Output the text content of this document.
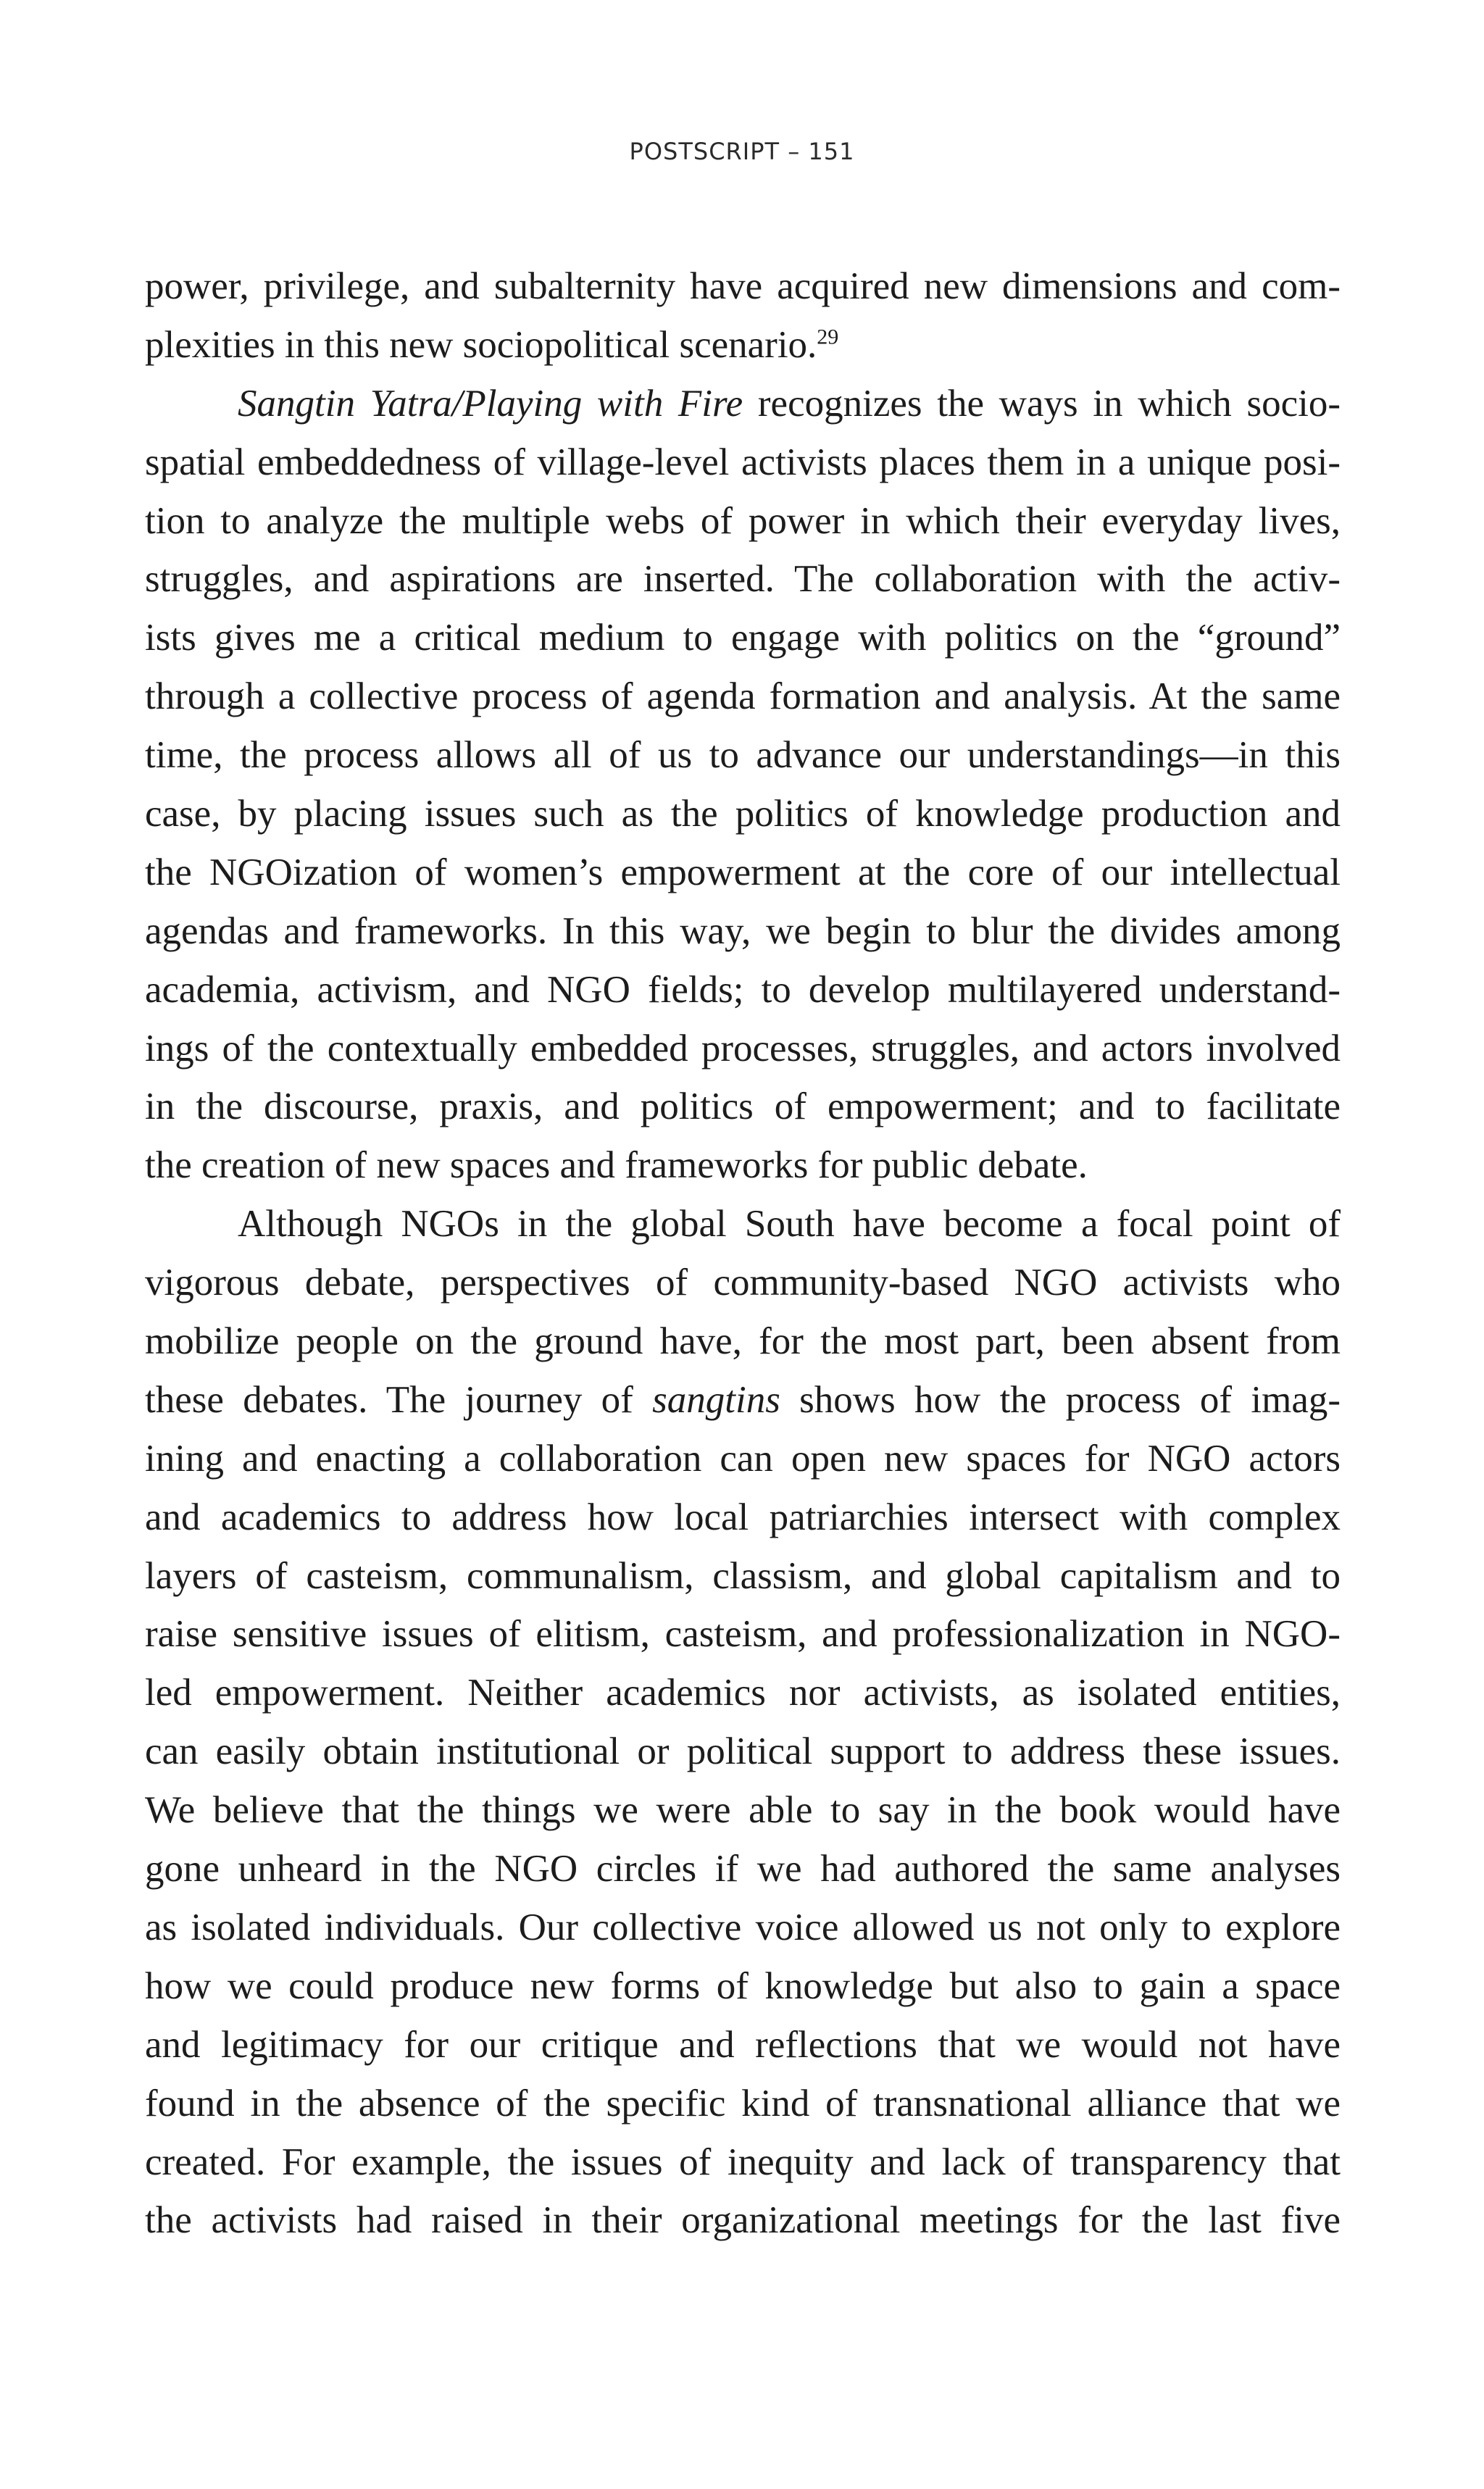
POSTSCRIPT – 151
power, privilege, and subalternity have acquired new dimensions and com-
plexities in this new sociopolitical scenario.$^{29}$
Sangtin Yatra/Playing with Fire recognizes the ways in which socio-
spatial embeddedness of village-level activists places them in a unique posi-
tion to analyze the multiple webs of power in which their everyday lives,
struggles, and aspirations are inserted. The collaboration with the activ-
ists gives me a critical medium to engage with politics on the “ground”
through a collective process of agenda formation and analysis. At the same
time, the process allows all of us to advance our understandings—in this
case, by placing issues such as the politics of knowledge production and
the NGOization of women’s empowerment at the core of our intellectual
agendas and frameworks. In this way, we begin to blur the divides among
academia, activism, and NGO fields; to develop multilayered understand-
ings of the contextually embedded processes, struggles, and actors involved
in the discourse, praxis, and politics of empowerment; and to facilitate
the creation of new spaces and frameworks for public debate.
Although NGOs in the global South have become a focal point of
vigorous debate, perspectives of community-based NGO activists who
mobilize people on the ground have, for the most part, been absent from
these debates. The journey of sangtins shows how the process of imag-
ining and enacting a collaboration can open new spaces for NGO actors
and academics to address how local patriarchies intersect with complex
layers of casteism, communalism, classism, and global capitalism and to
raise sensitive issues of elitism, casteism, and professionalization in NGO-
led empowerment. Neither academics nor activists, as isolated entities,
can easily obtain institutional or political support to address these issues.
We believe that the things we were able to say in the book would have
gone unheard in the NGO circles if we had authored the same analyses
as isolated individuals. Our collective voice allowed us not only to explore
how we could produce new forms of knowledge but also to gain a space
and legitimacy for our critique and reflections that we would not have
found in the absence of the specific kind of transnational alliance that we
created. For example, the issues of inequity and lack of transparency that
the activists had raised in their organizational meetings for the last five
